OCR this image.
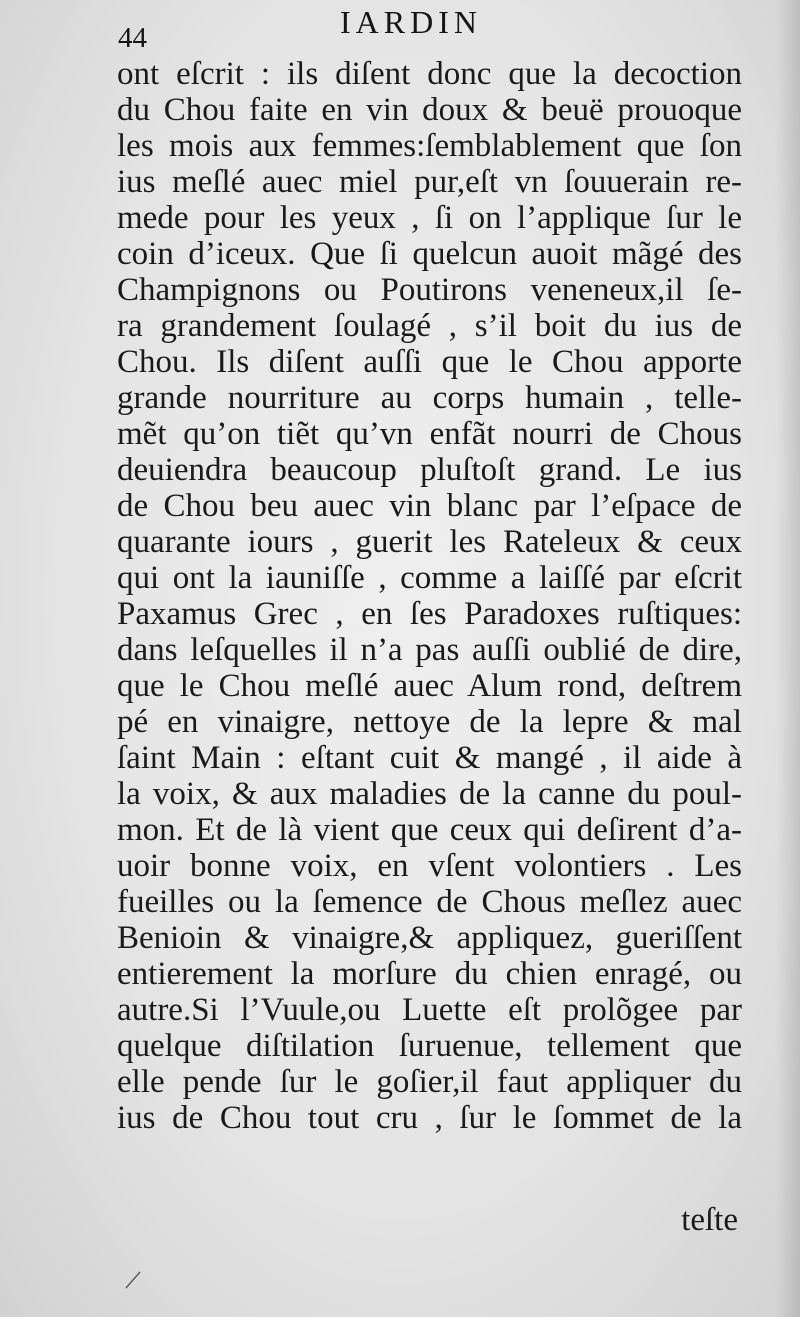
44	IARDIN
ont eſcrit : ils diſent donc que la decoction
du Chou faite en vin doux & beuë prouoque
les mois aux femmes:ſemblablement que ſon
ius meſlé auec miel pur,eſt vn ſouuerain re-
mede pour les yeux , ſi on l’applique ſur le
coin d’iceux. Que ſi quelcun auoit mãgé des
Champignons ou Poutirons veneneux,il ſe-
ra grandement ſoulagé , s’il boit du ius de
Chou. Ils diſent auſſi que le Chou apporte
grande nourriture au corps humain , telle-
mẽt qu’on tiẽt qu’vn enfãt nourri de Chous
deuiendra beaucoup pluſtoſt grand. Le ius
de Chou beu auec vin blanc par l’eſpace de
quarante iours , guerit les Rateleux & ceux
qui ont la iauniſſe , comme a laiſſé par eſcrit
Paxamus Grec , en ſes Paradoxes ruſtiques:
dans leſquelles il n’a pas auſſi oublié de dire,
que le Chou meſlé auec Alum rond, deſtrem
pé en vinaigre, nettoye de la lepre & mal
ſaint Main : eſtant cuit & mangé , il aide à
la voix, & aux maladies de la canne du poul-
mon. Et de là vient que ceux qui deſirent d’a-
uoir bonne voix, en vſent volontiers . Les
fueilles ou la ſemence de Chous meſlez auec
Benioin & vinaigre,& appliquez, gueriſſent
entierement la morſure du chien enragé, ou
autre.Si l’Vuule,ou Luette eſt prolõgee par
quelque diſtilation ſuruenue, tellement que
elle pende ſur le goſier,il faut appliquer du
ius de Chou tout cru , ſur le ſommet de la
teſte
